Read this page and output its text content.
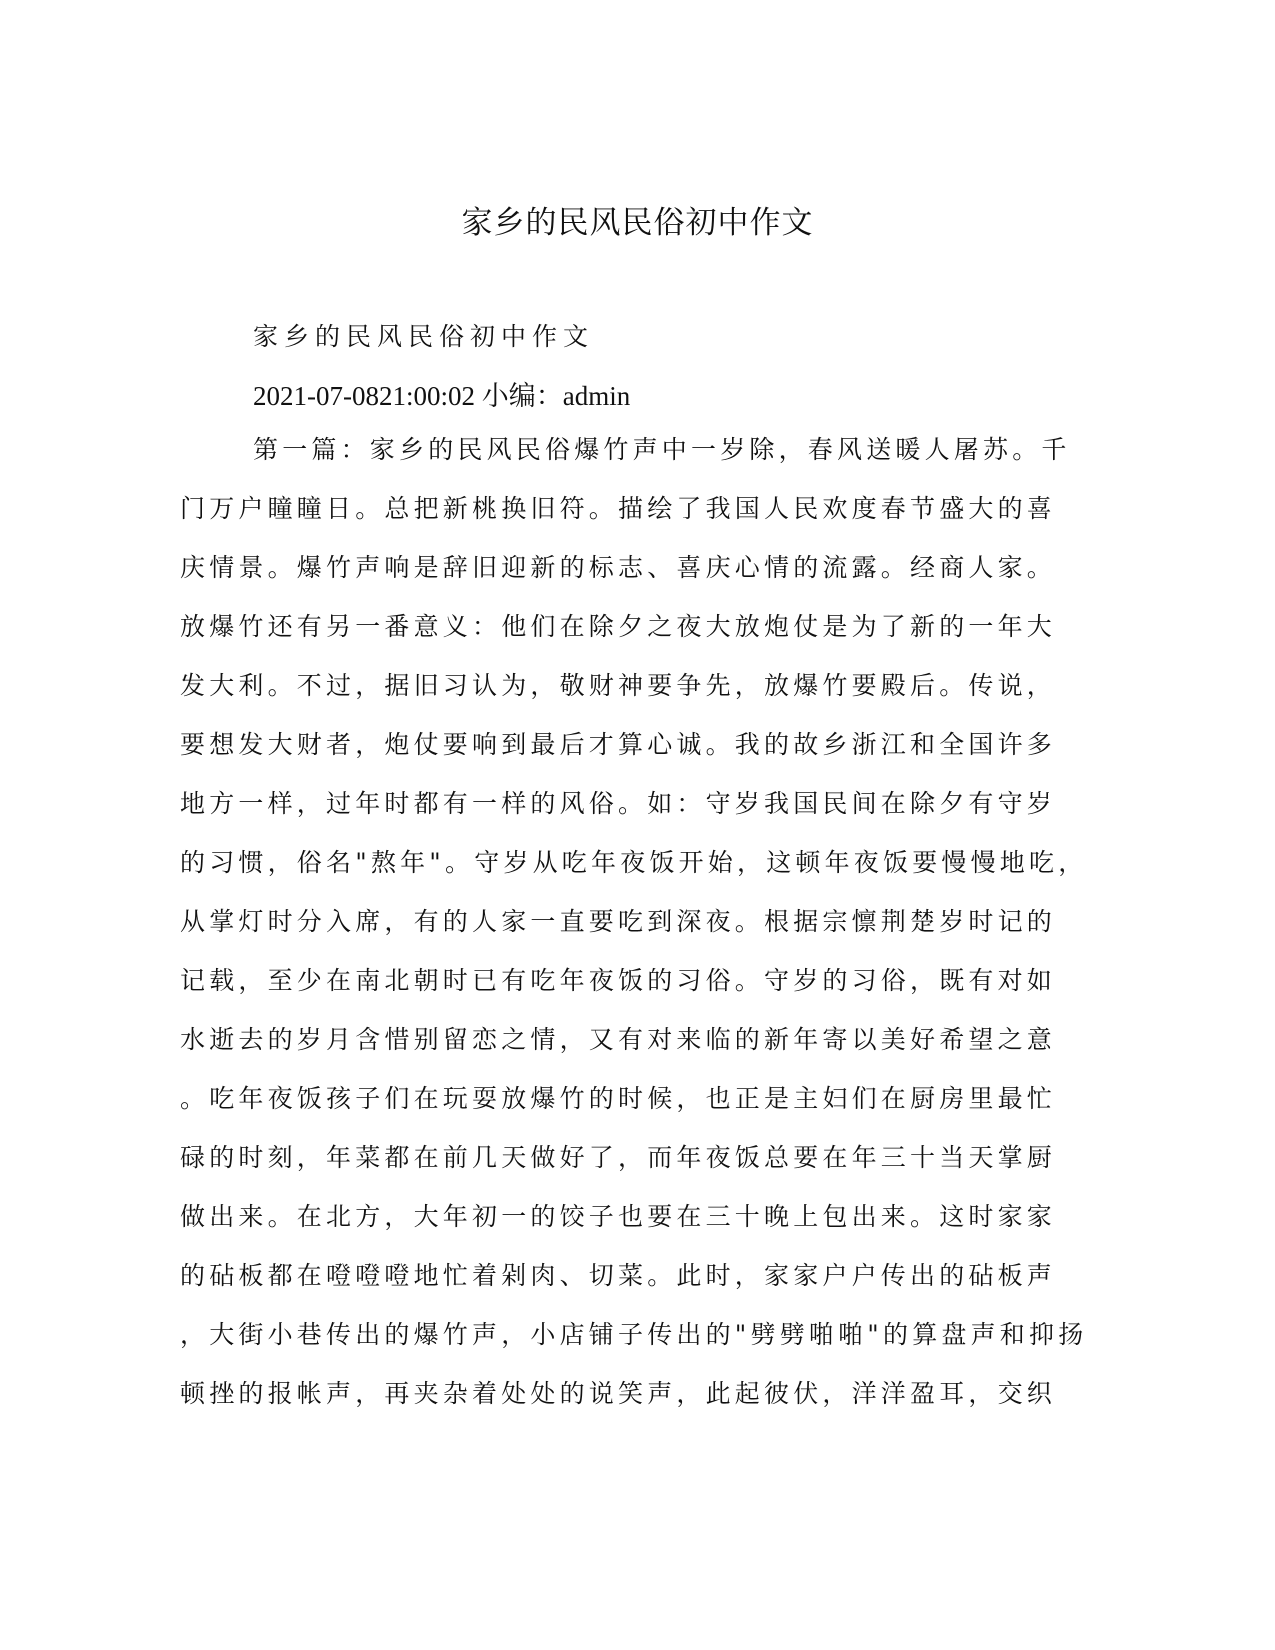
家乡的民风民俗初中作文
家乡的民风民俗初中作文
2021-07-0821:00:02 小编：admin
第一篇：家乡的民风民俗爆竹声中一岁除，春风送暖人屠苏。千
门万户瞳瞳日。总把新桃换旧符。描绘了我国人民欢度春节盛大的喜
庆情景。爆竹声响是辞旧迎新的标志、喜庆心情的流露。经商人家。
放爆竹还有另一番意义：他们在除夕之夜大放炮仗是为了新的一年大
发大利。不过，据旧习认为，敬财神要争先，放爆竹要殿后。传说，
要想发大财者，炮仗要响到最后才算心诚。我的故乡浙江和全国许多
地方一样，过年时都有一样的风俗。如：守岁我国民间在除夕有守岁
的习惯，俗名"熬年"。守岁从吃年夜饭开始，这顿年夜饭要慢慢地吃，
从掌灯时分入席，有的人家一直要吃到深夜。根据宗懔荆楚岁时记的
记载，至少在南北朝时已有吃年夜饭的习俗。守岁的习俗，既有对如
水逝去的岁月含惜别留恋之情，又有对来临的新年寄以美好希望之意
。吃年夜饭孩子们在玩耍放爆竹的时候，也正是主妇们在厨房里最忙
碌的时刻，年菜都在前几天做好了，而年夜饭总要在年三十当天掌厨
做出来。在北方，大年初一的饺子也要在三十晚上包出来。这时家家
的砧板都在噔噔噔地忙着剁肉、切菜。此时，家家户户传出的砧板声
，大街小巷传出的爆竹声，小店铺子传出的"劈劈啪啪"的算盘声和抑扬
顿挫的报帐声，再夹杂着处处的说笑声，此起彼伏，洋洋盈耳，交织
